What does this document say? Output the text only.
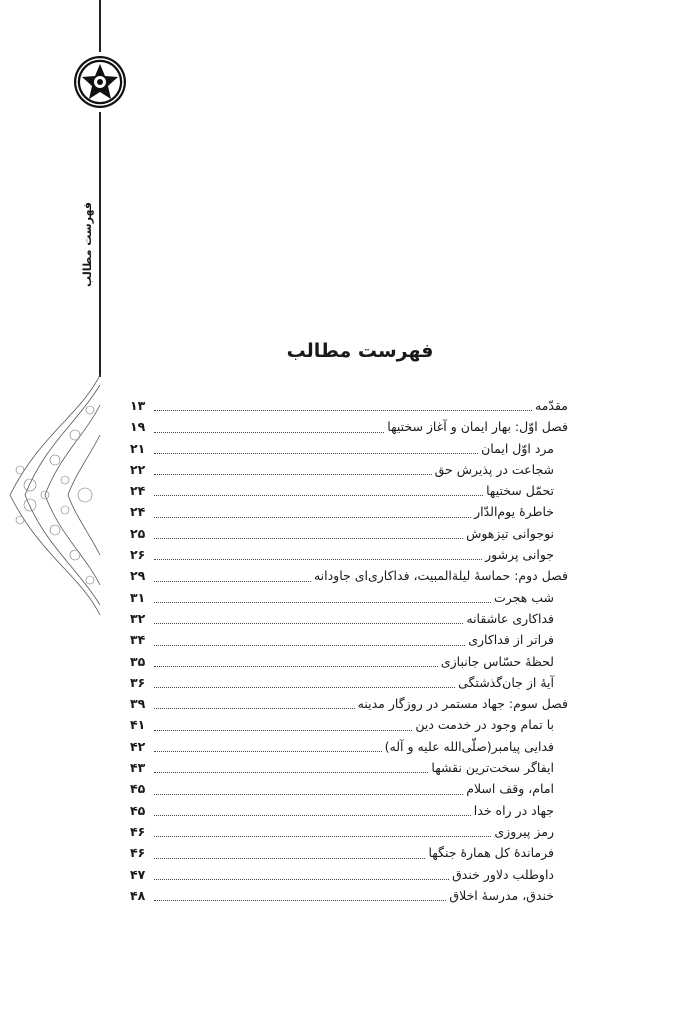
فهرست مطالب
فهرست مطالب
۱۳	مقدّمه
۱۹	فصل اوّل: بهار ایمان و آغاز سختیها
۲۱	مرد اوّل ایمان
۲۲	شجاعت در پذیرش حق
۲۴	تحمّل سختیها
۲۴	خاطرهٔ یوم‌الدّار
۲۵	نوجوانی تیزهوش
۲۶	جوانی پرشور
۲۹	فصل دوم: حماسهٔ لیلة‌المبیت، فداکاری‌ای جاودانه
۳۱	شب هجرت
۳۲	فداکاری عاشقانه
۳۴	فراتر از فداکاری
۳۵	لحظهٔ حسّاس جانبازی
۳۶	آیهٔ از جان‌گذشتگی
۳۹	فصل سوم: جهاد مستمر در روزگار مدینه
۴۱	با تمام وجود در خدمت دین
۴۲	فدایی پیامبر(صلّی‌الله علیه و آله)
۴۳	ایفاگر سخت‌ترین نقشها
۴۵	امام، وقف اسلام
۴۵	جهاد در راه خدا
۴۶	رمز پیروزی
۴۶	فرماندهٔ کل همارهٔ جنگها
۴۷	داوطلب دلاور خندق
۴۸	خندق، مدرسهٔ اخلاق
